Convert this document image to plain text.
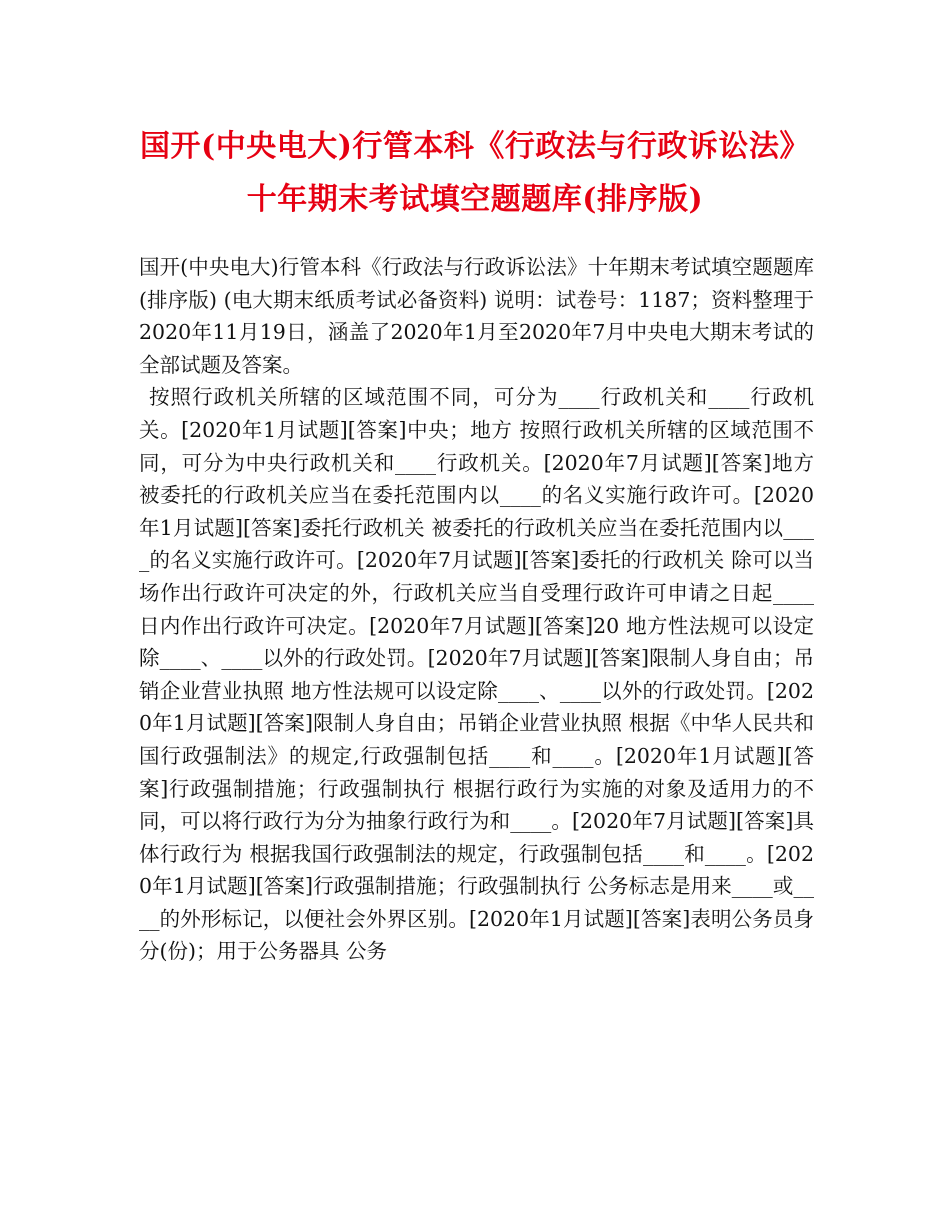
国开(中央电大)行管本科《行政法与行政诉讼法》十年期末考试填空题题库(排序版)

国开(中央电大)行管本科《行政法与行政诉讼法》十年期末考试填空题题库(排序版) (电大期末纸质考试必备资料) 说明：试卷号：1187；资料整理于2020年11月19日，涵盖了2020年1月至2020年7月中央电大期末考试的全部试题及答案。

按照行政机关所辖的区域范围不同，可分为____行政机关和____行政机关。[2020年1月试题][答案]中央；地方 按照行政机关所辖的区域范围不同，可分为中央行政机关和____行政机关。[2020年7月试题][答案]地方 被委托的行政机关应当在委托范围内以____的名义实施行政许可。[2020年1月试题][答案]委托行政机关 被委托的行政机关应当在委托范围内以____的名义实施行政许可。[2020年7月试题][答案]委托的行政机关 除可以当场作出行政许可决定的外，行政机关应当自受理行政许可申请之日起____日内作出行政许可决定。[2020年7月试题][答案]20 地方性法规可以设定除____、____以外的行政处罚。[2020年7月试题][答案]限制人身自由；吊销企业营业执照 地方性法规可以设定除____、____以外的行政处罚。[2020年1月试题][答案]限制人身自由；吊销企业营业执照 根据《中华人民共和国行政强制法》的规定,行政强制包括____和____。[2020年1月试题][答案]行政强制措施；行政强制执行 根据行政行为实施的对象及适用力的不同，可以将行政行为分为抽象行政行为和____。[2020年7月试题][答案]具体行政行为 根据我国行政强制法的规定，行政强制包括____和____。[2020年1月试题][答案]行政强制措施；行政强制执行 公务标志是用来____或____的外形标记，以便社会外界区别。[2020年1月试题][答案]表明公务员身分(份)；用于公务器具 公务
